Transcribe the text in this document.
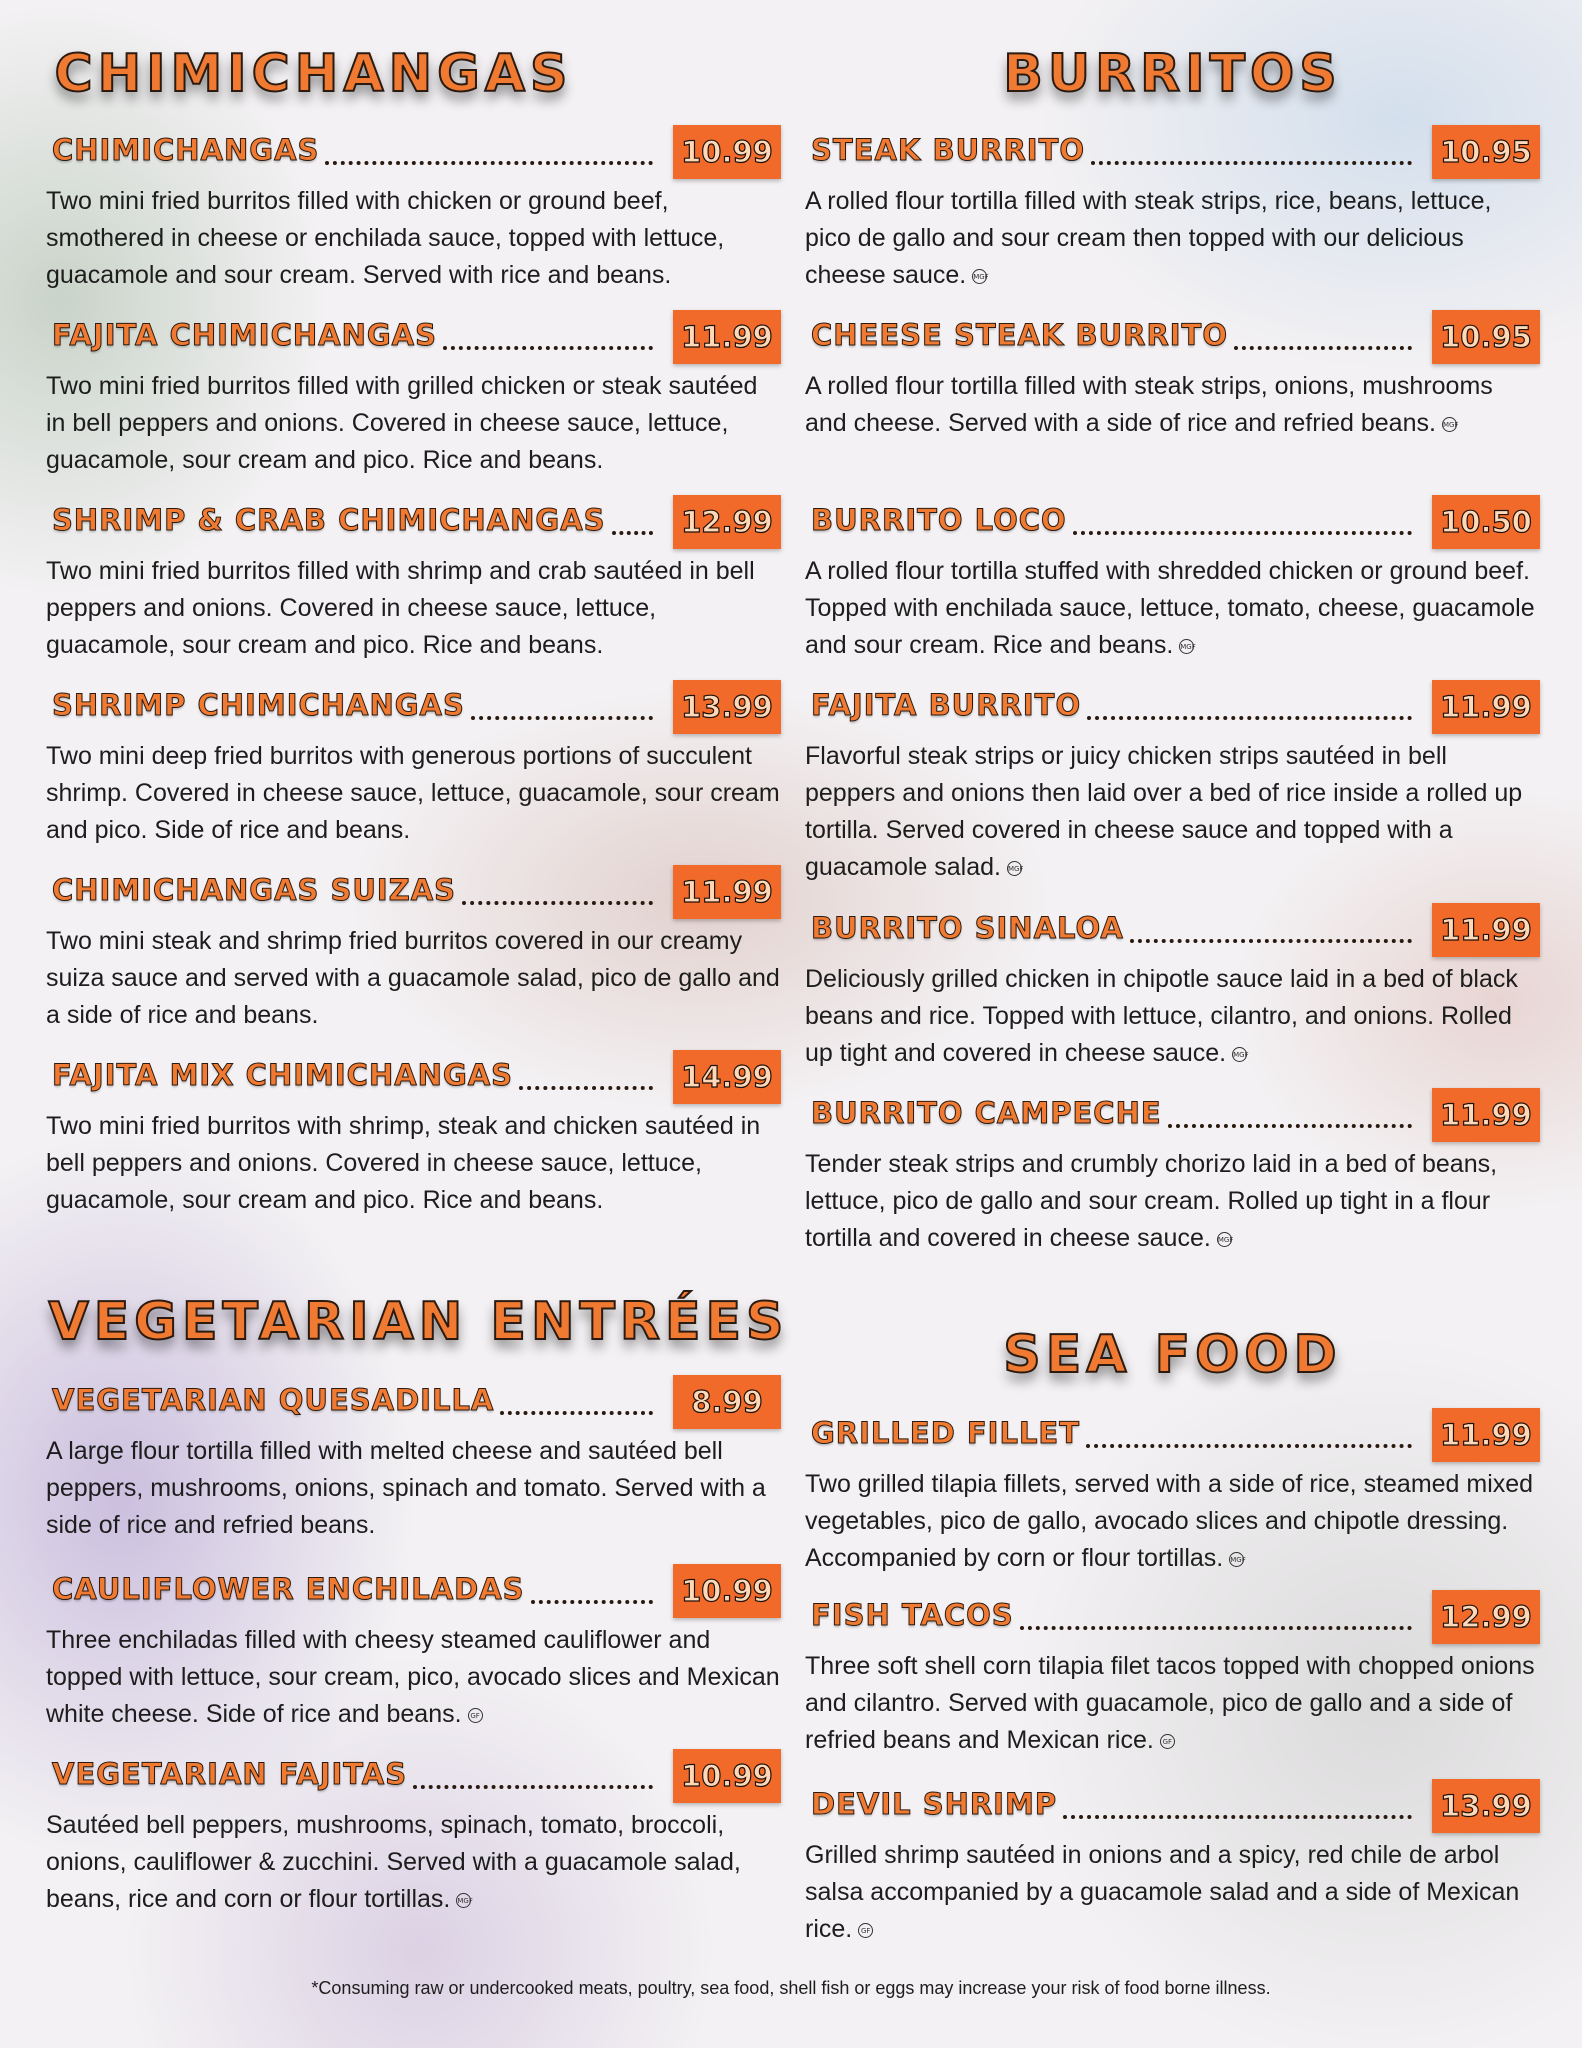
CHIMICHANGAS
CHIMICHANGAS	10.99
Two mini fried burritos filled with chicken or ground beef, smothered in cheese or enchilada sauce, topped with lettuce, guacamole and sour cream. Served with rice and beans.
FAJITA CHIMICHANGAS	11.99
Two mini fried burritos filled with grilled chicken or steak sautéed in bell peppers and onions. Covered in cheese sauce, lettuce, guacamole, sour cream and pico. Rice and beans.
SHRIMP & CRAB CHIMICHANGAS	12.99
Two mini fried burritos filled with shrimp and crab sautéed in bell peppers and onions. Covered in cheese sauce, lettuce, guacamole, sour cream and pico. Rice and beans.
SHRIMP CHIMICHANGAS	13.99
Two mini deep fried burritos with generous portions of succulent shrimp. Covered in cheese sauce, lettuce, guacamole, sour cream and pico. Side of rice and beans.
CHIMICHANGAS SUIZAS	11.99
Two mini steak and shrimp fried burritos covered in our creamy suiza sauce and served with a guacamole salad, pico de gallo and a side of rice and beans.
FAJITA MIX CHIMICHANGAS	14.99
Two mini fried burritos with shrimp, steak and chicken sautéed in bell peppers and onions. Covered in cheese sauce, lettuce, guacamole, sour cream and pico. Rice and beans.
VEGETARIAN ENTRÉES
VEGETARIAN QUESADILLA	8.99
A large flour tortilla filled with melted cheese and sautéed bell peppers, mushrooms, onions, spinach and tomato. Served with a side of rice and refried beans.
CAULIFLOWER ENCHILADAS	10.99
Three enchiladas filled with cheesy steamed cauliflower and topped with lettuce, sour cream, pico, avocado slices and Mexican white cheese. Side of rice and beans. GF
VEGETARIAN FAJITAS	10.99
Sautéed bell peppers, mushrooms, spinach, tomato, broccoli, onions, cauliflower & zucchini. Served with a guacamole salad, beans, rice and corn or flour tortillas. MGF
BURRITOS
STEAK BURRITO	10.95
A rolled flour tortilla filled with steak strips, rice, beans, lettuce, pico de gallo and sour cream then topped with our delicious cheese sauce. MGF
CHEESE STEAK BURRITO	10.95
A rolled flour tortilla filled with steak strips, onions, mushrooms and cheese. Served with a side of rice and refried beans. MGF
BURRITO LOCO	10.50
A rolled flour tortilla stuffed with shredded chicken or ground beef. Topped with enchilada sauce, lettuce, tomato, cheese, guacamole and sour cream. Rice and beans. MGF
FAJITA BURRITO	11.99
Flavorful steak strips or juicy chicken strips sautéed in bell peppers and onions then laid over a bed of rice inside a rolled up tortilla. Served covered in cheese sauce and topped with a guacamole salad. MGF
BURRITO SINALOA	11.99
Deliciously grilled chicken in chipotle sauce laid in a bed of black beans and rice. Topped with lettuce, cilantro, and onions. Rolled up tight and covered in cheese sauce. MGF
BURRITO CAMPECHE	11.99
Tender steak strips and crumbly chorizo laid in a bed of beans, lettuce, pico de gallo and sour cream. Rolled up tight in a flour tortilla and covered in cheese sauce. MGF
SEA FOOD
GRILLED FILLET	11.99
Two grilled tilapia fillets, served with a side of rice, steamed mixed vegetables, pico de gallo, avocado slices and chipotle dressing. Accompanied by corn or flour tortillas. MGF
FISH TACOS	12.99
Three soft shell corn tilapia filet tacos topped with chopped onions and cilantro. Served with guacamole, pico de gallo and a side of refried beans and Mexican rice. GF
DEVIL SHRIMP	13.99
Grilled shrimp sautéed in onions and a spicy, red chile de arbol salsa accompanied by a guacamole salad and a side of Mexican rice. GF
*Consuming raw or undercooked meats, poultry, sea food, shell fish or eggs may increase your risk of food borne illness.
